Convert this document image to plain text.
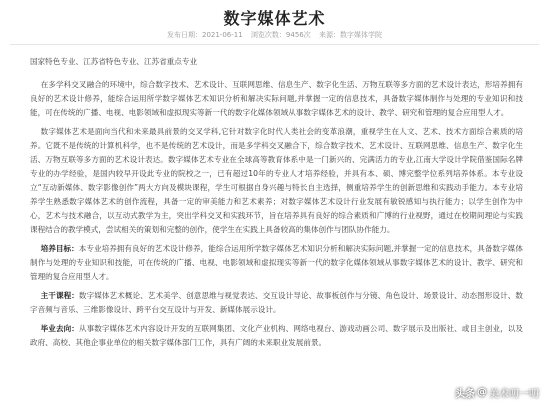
数字媒体艺术
发布日期：2021-06-11 浏览次数：9456次 来源：数字媒体学院

国家特色专业、江苏省特色专业、江苏省重点专业

在多学科交叉融合的环境中，综合数字技术、艺术设计、互联网思维、信息生产、数字化生活、万物互联等多方面的艺术设计表达，形培养拥有良好的艺术设计修养，能综合运用所学数字媒体艺术知识分析和解决实际问题,并掌握一定的信息技术，具备数字媒体制作与处理的专业知识和技能，可在传统的广播、电视、电影领域和虚拟现实等新一代的数字化媒体领域从事数字媒体艺术的设计、教学、研究和管理的复合应用型人才。

数字媒体艺术是面向当代和未来最具前景的交叉学科,它针对数字化时代人类社会的变革浪潮，重视学生在人文、艺术、技术方面综合素质的培养。它既不是传统的计算机科学，也不是传统的艺术设计，而是多学科交叉融合下，综合数字技术、艺术设计、互联网思维、信息生产、数字化生活、万物互联等多方面的艺术设计表达。数字媒体艺术专业在全球高等教育体系中是一门新兴的、完满活力的专业,江南大学设计学院借鉴国际名牌专业的办学经验，是国内较早开设此专业的院校之一，已有超过10年的专业人才培养经验，并具有本、硕、博完整学位系列培养体系。本专业设立“互动新媒体、数字影像创作”两大方向及模块课程，学生可根据自身兴趣与特长自主选择，侧重培养学生的创新思维和实践动手能力。本专业培养学生熟悉数字媒体艺术的创作流程，具备一定的审美能力和艺术素养；对数字媒体艺术设计行业发展有敏锐感知与执行能力；以学生创作为中心，艺术与技术融合，以互动式教学为主，突出学科交叉和实践环节，旨在培养具有良好的综合素质和广博的行业视野，通过在校期间理论与实践课程结合的教学模式，尝试相关的策划和完整的创作，使学生在实践上具备较高的集体创作与团队协作能力。

培养目标：本专业培养拥有良好的艺术设计修养，能综合运用所学数字媒体艺术知识分析和解决实际问题,并掌握一定的信息技术，具备数字媒体制作与处理的专业知识和技能，可在传统的广播、电视、电影领域和虚拟现实等新一代的数字化媒体领域从事数字媒体艺术的设计、教学、研究和管理的复合应用型人才。

主干课程：数字媒体艺术概论、艺术美学、创意思维与视觉表达、交互设计导论、故事板创作与分镜、角色设计、场景设计、动态图形设计、数字音频与音乐、三维影像设计、跨平台交互设计与开发、新媒体展示设计。

毕业去向：从事数字媒体艺术内容设计开发的互联网集团、文化产业机构、网络电视台、游戏动画公司、数字展示及出版社、或目主创业，以及政府、高校、其他企事业单位的相关数字媒体部门工作，具有广阔的未来职业发展前景。

头条 @ 美术叨一叨
